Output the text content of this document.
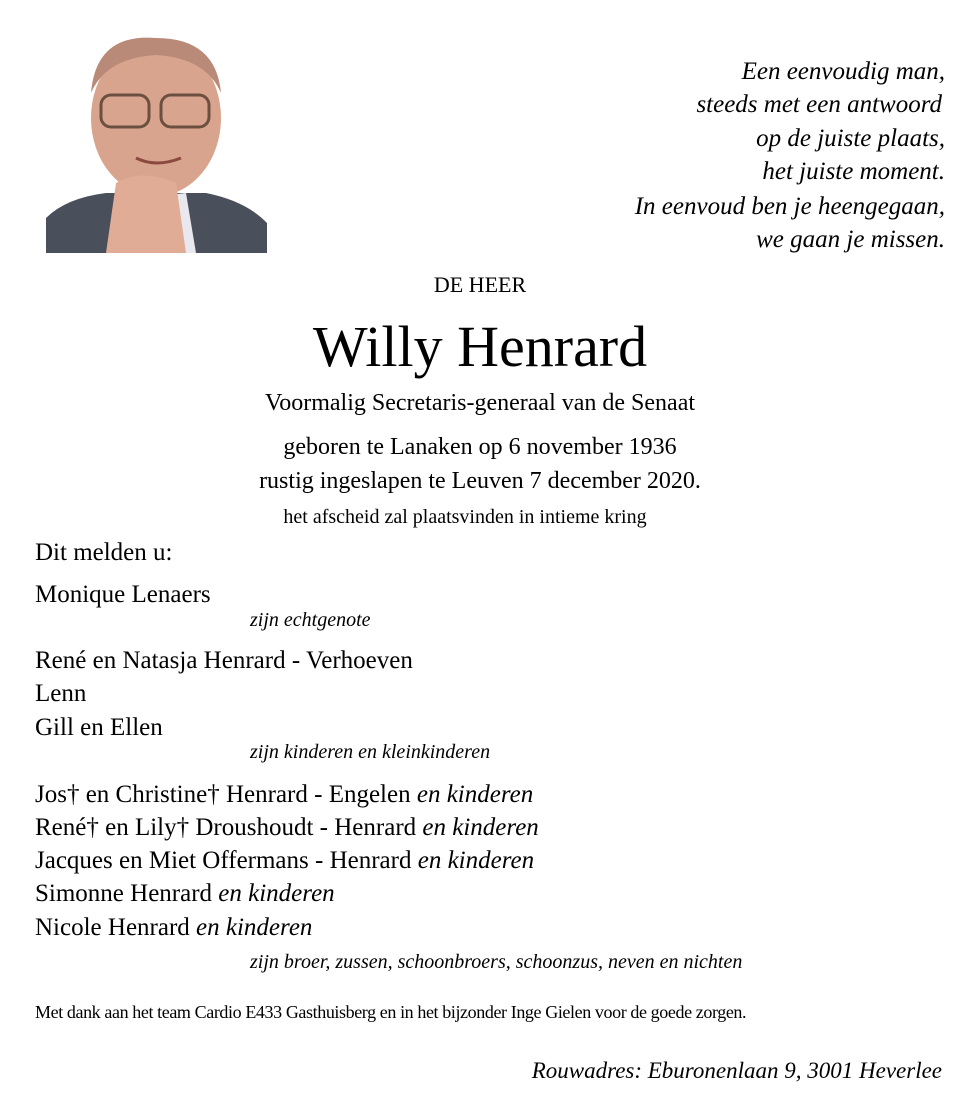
Een eenvoudig man,
steeds met een antwoord
op de juiste plaats,
het juiste moment.
In eenvoud ben je heengegaan,
we gaan je missen.
DE HEER
Willy Henrard
Voormalig Secretaris-generaal van de Senaat
geboren te Lanaken op 6 november 1936
rustig ingeslapen te Leuven 7 december 2020.
het afscheid zal plaatsvinden in intieme kring
Dit melden u:
Monique Lenaers
zijn echtgenote
René en Natasja Henrard - Verhoeven
Lenn
Gill en Ellen
zijn kinderen en kleinkinderen
Jos† en Christine† Henrard - Engelen en kinderen
René† en Lily† Droushoudt - Henrard en kinderen
Jacques en Miet Offermans - Henrard en kinderen
Simonne Henrard en kinderen
Nicole Henrard en kinderen
zijn broer, zussen, schoonbroers, schoonzus, neven en nichten
Met dank aan het team Cardio E433 Gasthuisberg en in het bijzonder Inge Gielen voor de goede zorgen.
Rouwadres: Eburonenlaan 9, 3001 Heverlee
